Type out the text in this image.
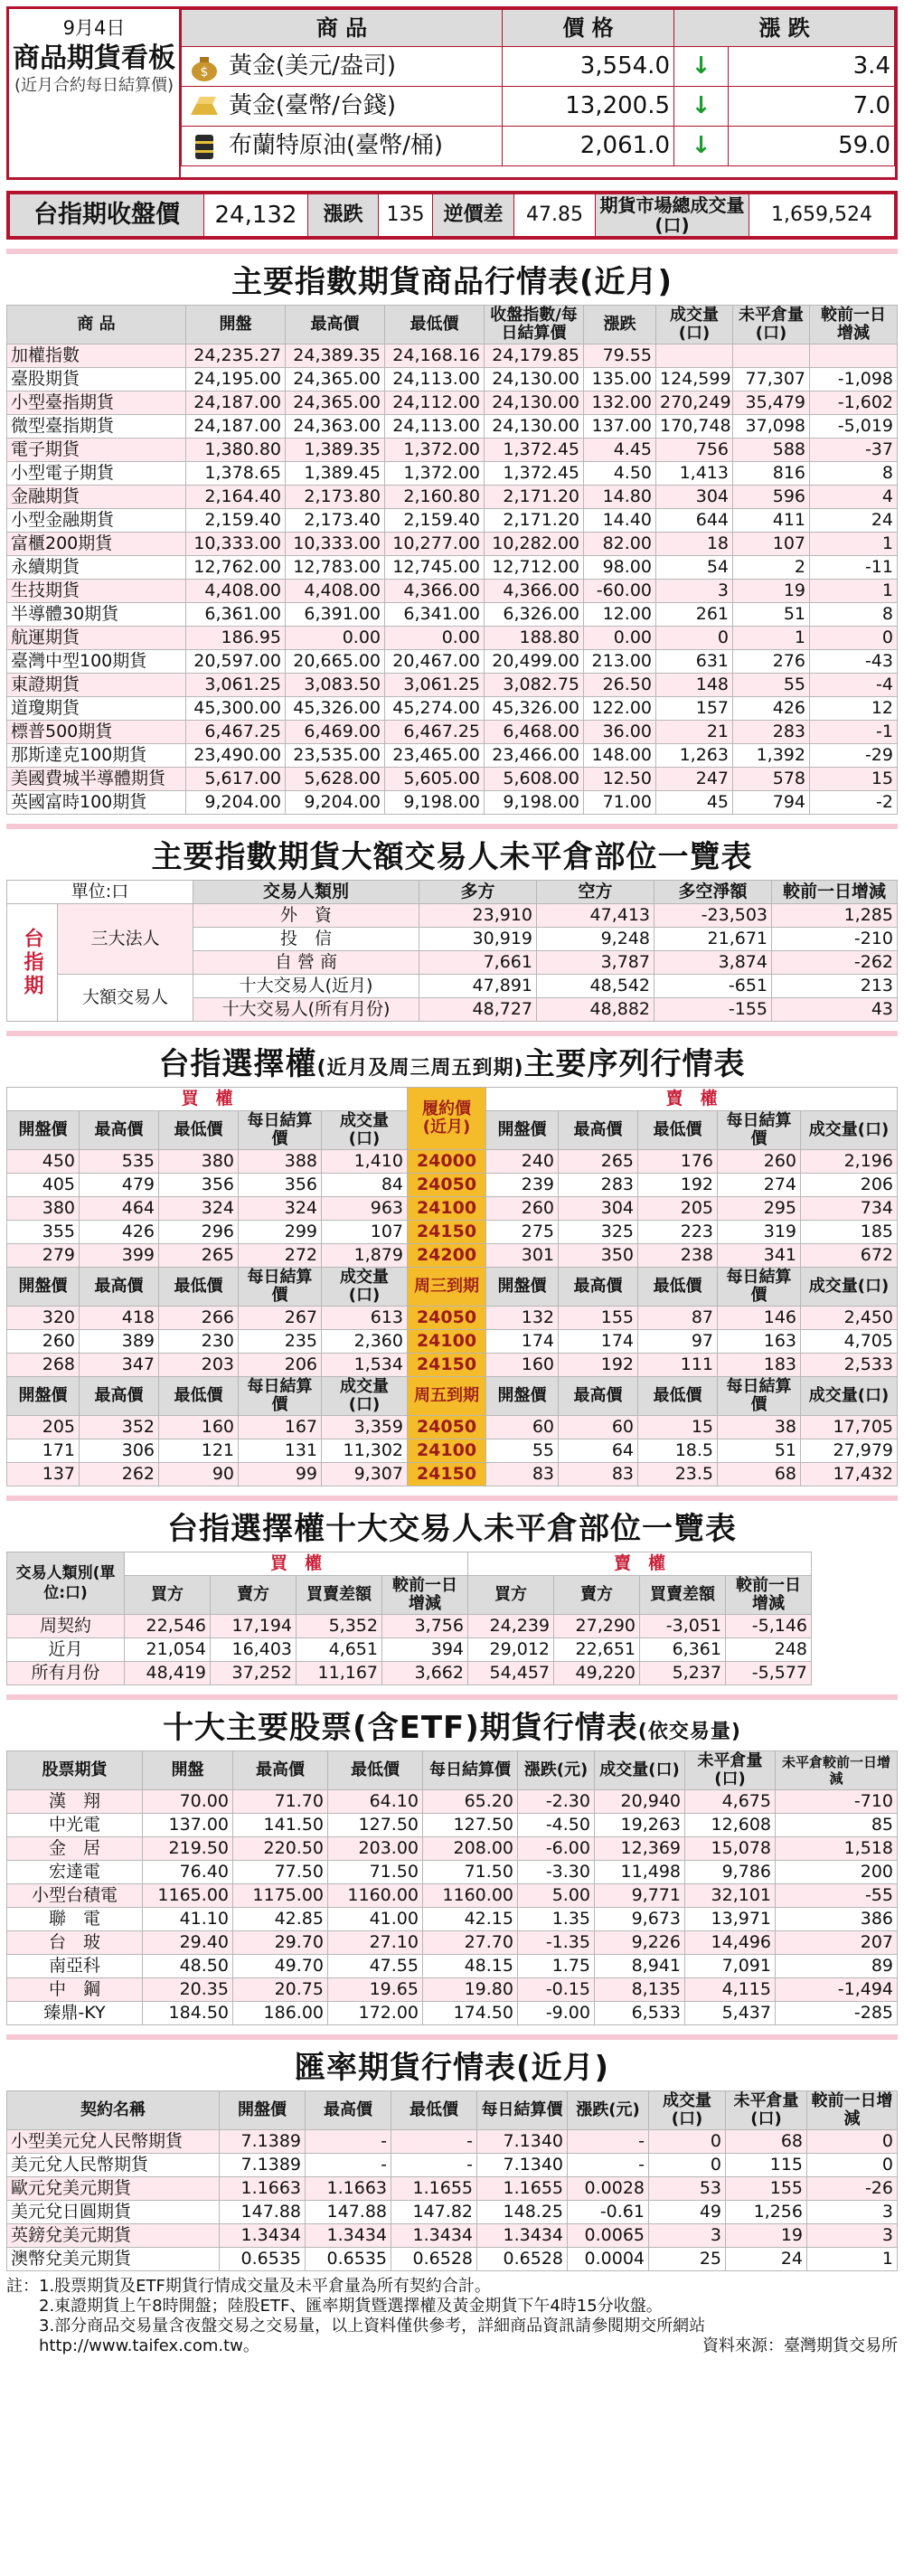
9月4日
商品期貨看板
(近月合約每日結算價)
商 品	價 格	漲 跌	

$ 黃金(美元/盎司)	3,554.0	↓	3.4
黃金(臺幣/台錢)	13,200.5	↓	7.0
布蘭特原油(臺幣/桶)	2,061.0	↓	59.0
台指期收盤價	24,132	漲跌	135	逆價差	47.85	期貨市場總成交量(口)	1,659,524
主要指數期貨商品行情表(近月)
商 品	開盤	最高價	最低價	收盤指數/每日結算價	漲跌	成交量(口)	未平倉量(口)	較前一日增減
加權指數	24,235.27	24,389.35	24,168.16	24,179.85	79.55			
臺股期貨	24,195.00	24,365.00	24,113.00	24,130.00	135.00	124,599	77,307	-1,098
小型臺指期貨	24,187.00	24,365.00	24,112.00	24,130.00	132.00	270,249	35,479	-1,602
微型臺指期貨	24,187.00	24,363.00	24,113.00	24,130.00	137.00	170,748	37,098	-5,019
電子期貨	1,380.80	1,389.35	1,372.00	1,372.45	4.45	756	588	-37
小型電子期貨	1,378.65	1,389.45	1,372.00	1,372.45	4.50	1,413	816	8
金融期貨	2,164.40	2,173.80	2,160.80	2,171.20	14.80	304	596	4
小型金融期貨	2,159.40	2,173.40	2,159.40	2,171.20	14.40	644	411	24
富櫃200期貨	10,333.00	10,333.00	10,277.00	10,282.00	82.00	18	107	1
永續期貨	12,762.00	12,783.00	12,745.00	12,712.00	98.00	54	2	-11
生技期貨	4,408.00	4,408.00	4,366.00	4,366.00	-60.00	3	19	1
半導體30期貨	6,361.00	6,391.00	6,341.00	6,326.00	12.00	261	51	8
航運期貨	186.95	0.00	0.00	188.80	0.00	0	1	0
臺灣中型100期貨	20,597.00	20,665.00	20,467.00	20,499.00	213.00	631	276	-43
東證期貨	3,061.25	3,083.50	3,061.25	3,082.75	26.50	148	55	-4
道瓊期貨	45,300.00	45,326.00	45,274.00	45,326.00	122.00	157	426	12
標普500期貨	6,467.25	6,469.00	6,467.25	6,468.00	36.00	21	283	-1
那斯達克100期貨	23,490.00	23,535.00	23,465.00	23,466.00	148.00	1,263	1,392	-29
美國費城半導體期貨	5,617.00	5,628.00	5,605.00	5,608.00	12.50	247	578	15
英國富時100期貨	9,204.00	9,204.00	9,198.00	9,198.00	71.00	45	794	-2
主要指數期貨大額交易人未平倉部位一覽表
單位:口		交易人類別	多方	空方	多空淨額	較前一日增減
台指期	三大法人	外　資	23,910	47,413	-23,503	1,285
		投　信	30,919	9,248	21,671	-210
		自 營 商	7,661	3,787	3,874	-262
	大額交易人	十大交易人(近月)	47,891	48,542	-651	213
		十大交易人(所有月份)	48,727	48,882	-155	43
台指選擇權(近月及周三周五到期)主要序列行情表
買　權					履約價(近月)	賣　權				
開盤價	最高價	最低價	每日結算價	成交量(口)		開盤價	最高價	最低價	每日結算價	成交量(口)
450	535	380	388	1,410	24000	240	265	176	260	2,196
405	479	356	356	84	24050	239	283	192	274	206
380	464	324	324	963	24100	260	304	205	295	734
355	426	296	299	107	24150	275	325	223	319	185
279	399	265	272	1,879	24200	301	350	238	341	672
開盤價	最高價	最低價	每日結算價	成交量(口)	周三到期	開盤價	最高價	最低價	每日結算價	成交量(口)
320	418	266	267	613	24050	132	155	87	146	2,450
260	389	230	235	2,360	24100	174	174	97	163	4,705
268	347	203	206	1,534	24150	160	192	111	183	2,533
開盤價	最高價	最低價	每日結算價	成交量(口)	周五到期	開盤價	最高價	最低價	每日結算價	成交量(口)
205	352	160	167	3,359	24050	60	60	15	38	17,705
171	306	121	131	11,302	24100	55	64	18.5	51	27,979
137	262	90	99	9,307	24150	83	83	23.5	68	17,432
台指選擇權十大交易人未平倉部位一覽表
交易人類別(單位:口)	買　權				賣　權			
	買方	賣方	買賣差額	較前一日增減	買方	賣方	買賣差額	較前一日增減
周契約	22,546	17,194	5,352	3,756	24,239	27,290	-3,051	-5,146
近月	21,054	16,403	4,651	394	29,012	22,651	6,361	248
所有月份	48,419	37,252	11,167	3,662	54,457	49,220	5,237	-5,577
十大主要股票(含ETF)期貨行情表(依交易量)
股票期貨	開盤	最高價	最低價	每日結算價	漲跌(元)	成交量(口)	未平倉量(口)	未平倉較前一日增減
漢　翔	70.00	71.70	64.10	65.20	-2.30	20,940	4,675	-710
中光電	137.00	141.50	127.50	127.50	-4.50	19,263	12,608	85
金　居	219.50	220.50	203.00	208.00	-6.00	12,369	15,078	1,518
宏達電	76.40	77.50	71.50	71.50	-3.30	11,498	9,786	200
小型台積電	1165.00	1175.00	1160.00	1160.00	5.00	9,771	32,101	-55
聯　電	41.10	42.85	41.00	42.15	1.35	9,673	13,971	386
台　玻	29.40	29.70	27.10	27.70	-1.35	9,226	14,496	207
南亞科	48.50	49.70	47.55	48.15	1.75	8,941	7,091	89
中　鋼	20.35	20.75	19.65	19.80	-0.15	8,135	4,115	-1,494
臻鼎-KY	184.50	186.00	172.00	174.50	-9.00	6,533	5,437	-285
匯率期貨行情表(近月)
契約名稱	開盤價	最高價	最低價	每日結算價	漲跌(元)	成交量(口)	未平倉量(口)	較前一日增減
小型美元兌人民幣期貨	7.1389	-	-	7.1340	-	0	68	0
美元兌人民幣期貨	7.1389	-	-	7.1340	-	0	115	0
歐元兌美元期貨	1.1663	1.1663	1.1655	1.1655	0.0028	53	155	-26
美元兌日圓期貨	147.88	147.88	147.82	148.25	-0.61	49	1,256	3
英鎊兌美元期貨	1.3434	1.3434	1.3434	1.3434	0.0065	3	19	3
澳幣兌美元期貨	0.6535	0.6535	0.6528	0.6528	0.0004	25	24	1
註：1.股票期貨及ETF期貨行情成交量及未平倉量為所有契約合計。
　　2.東證期貨上午8時開盤；陸股ETF、匯率期貨暨選擇權及黃金期貨下午4時15分收盤。
　　3.部分商品交易量含夜盤交易之交易量，以上資料僅供參考，詳細商品資訊請參閱期交所網站
　　http://www.taifex.com.tw。	資料來源：臺灣期貨交易所
